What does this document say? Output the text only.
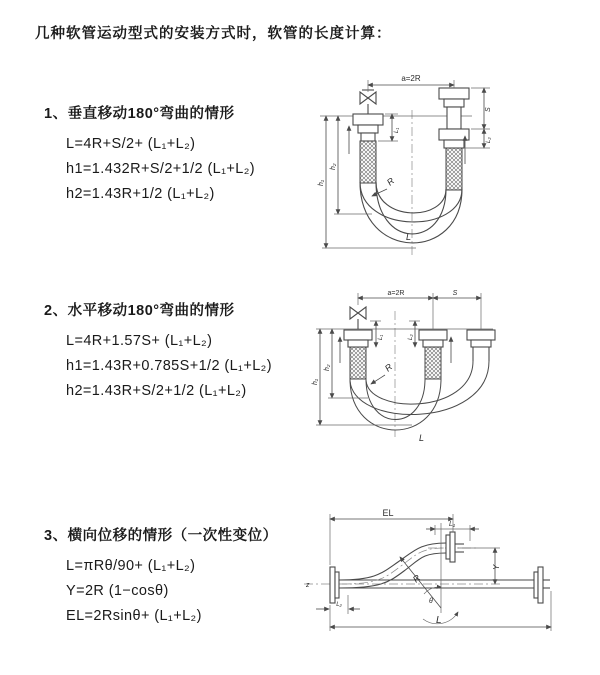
几种软管运动型式的安装方式时，软管的长度计算：
1、垂直移动180°弯曲的情形
L=4R+S/2+ (L₁+L₂)
h1=1.432R+S/2+1/2 (L₁+L₂)
h2=1.43R+1/2 (L₁+L₂)
a=2R
h₁
h₂
S
L₂
L₁
R
L
2、水平移动180°弯曲的情形
L=4R+1.57S+ (L₁+L₂)
h1=1.43R+0.785S+1/2 (L₁+L₂)
h2=1.43R+S/2+1/2 (L₁+L₂)
a=2R	S
h₁
h₂
L₁	L₂
R
L
3、横向位移的情形（一次性变位）
L=πRθ/90+ (L₁+L₂)
Y=2R (1−cosθ)
EL=2Rsinθ+ (L₁+L₂)
z
EL
L₁
Y
R
θ
L
L₂
